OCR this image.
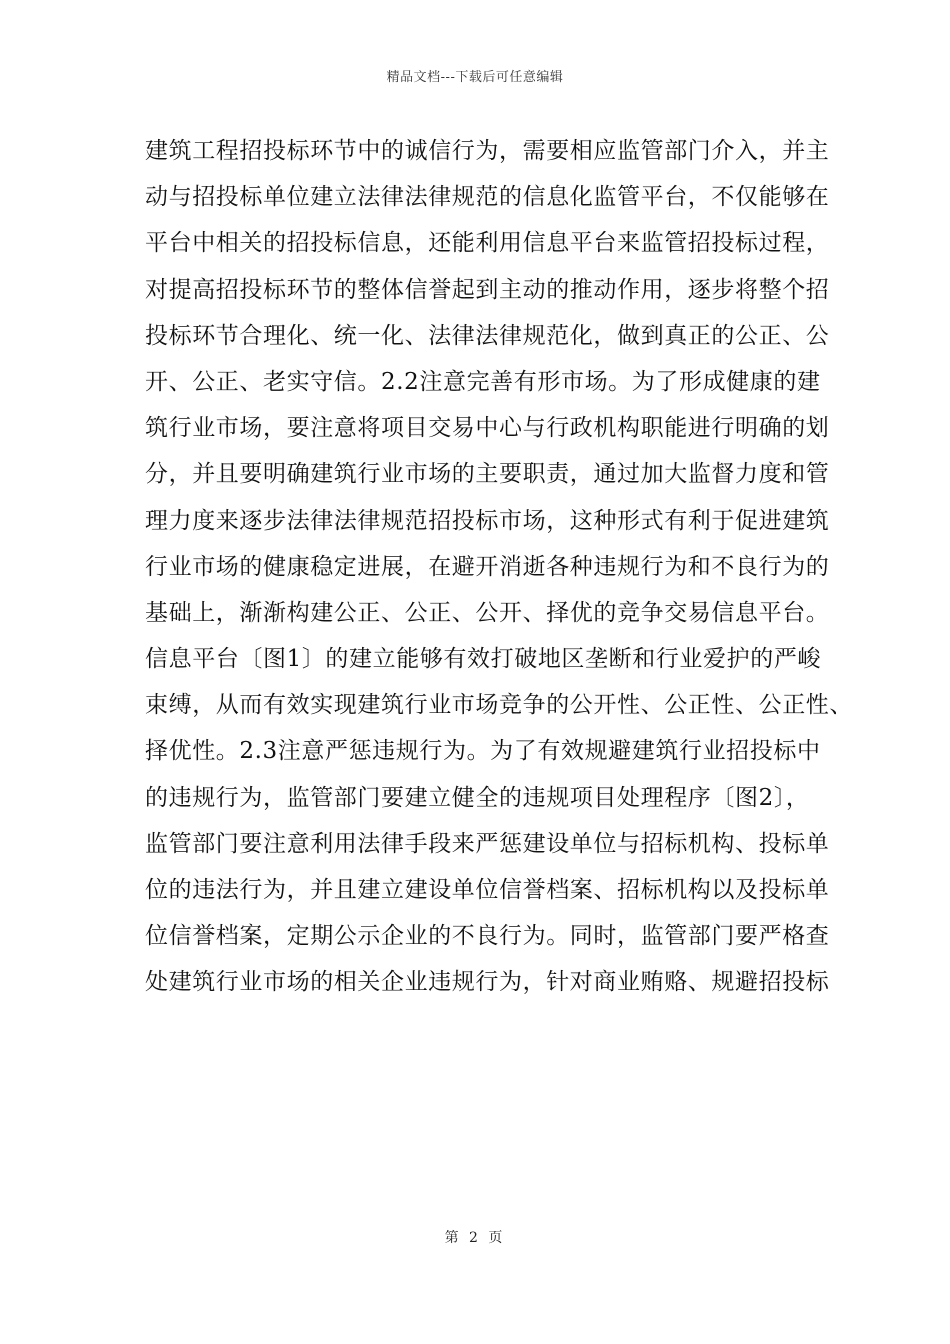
精品文档---下载后可任意编辑
建筑工程招投标环节中的诚信行为，需要相应监管部门介入，并主
动与招投标单位建立法律法律规范的信息化监管平台，不仅能够在
平台中相关的招投标信息，还能利用信息平台来监管招投标过程，
对提高招投标环节的整体信誉起到主动的推动作用，逐步将整个招
投标环节合理化、统一化、法律法律规范化，做到真正的公正、公
开、公正、老实守信。2.2注意完善有形市场。为了形成健康的建
筑行业市场，要注意将项目交易中心与行政机构职能进行明确的划
分，并且要明确建筑行业市场的主要职责，通过加大监督力度和管
理力度来逐步法律法律规范招投标市场，这种形式有利于促进建筑
行业市场的健康稳定进展，在避开消逝各种违规行为和不良行为的
基础上，渐渐构建公正、公正、公开、择优的竞争交易信息平台。
信息平台〔图1〕的建立能够有效打破地区垄断和行业爱护的严峻
束缚，从而有效实现建筑行业市场竞争的公开性、公正性、公正性、
择优性。2.3注意严惩违规行为。为了有效规避建筑行业招投标中
的违规行为，监管部门要建立健全的违规项目处理程序〔图2〕，
监管部门要注意利用法律手段来严惩建设单位与招标机构、投标单
位的违法行为，并且建立建设单位信誉档案、招标机构以及投标单
位信誉档案，定期公示企业的不良行为。同时，监管部门要严格查
处建筑行业市场的相关企业违规行为，针对商业贿赂、规避招投标
第 2 页
